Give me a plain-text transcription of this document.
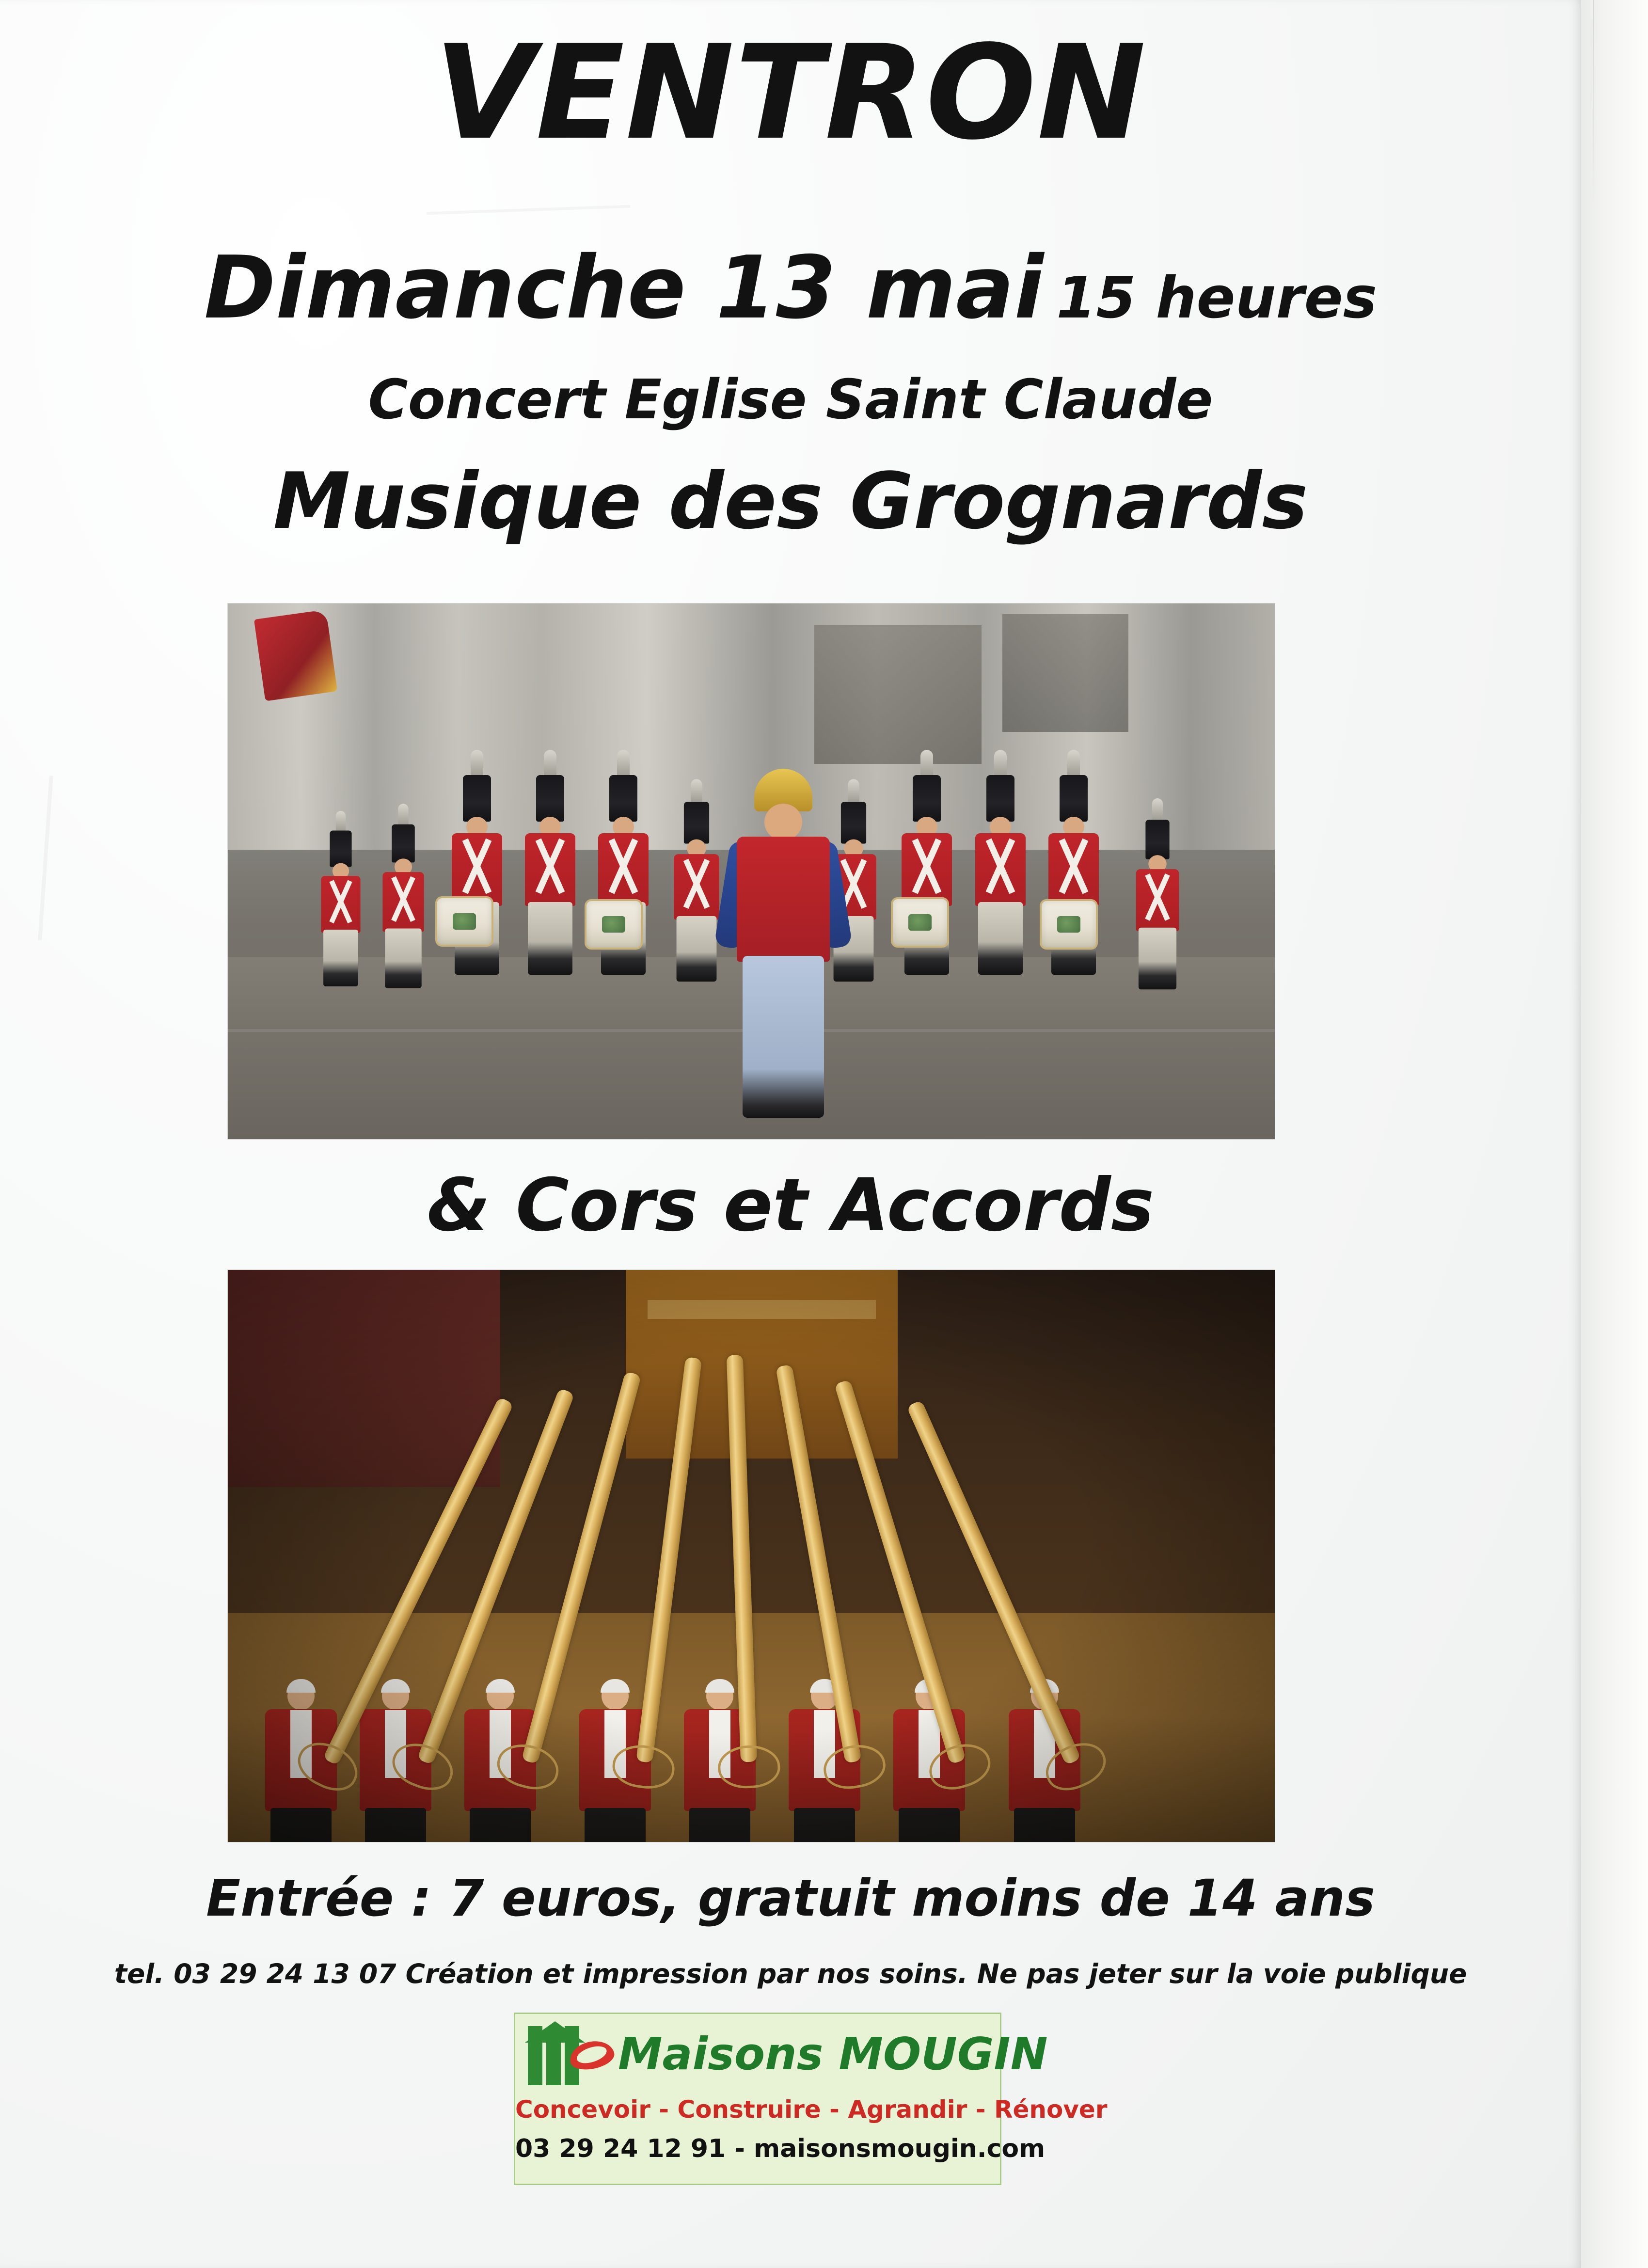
VENTRON
Dimanche 13 mai 15 heures
Concert Eglise Saint Claude
Musique des Grognards
& Cors et Accords
Entrée : 7 euros, gratuit moins de 14 ans
tel. 03 29 24 13 07 Création et impression par nos soins. Ne pas jeter sur la voie publique
Maisons MOUGIN
Concevoir - Construire - Agrandir - Rénover
03 29 24 12 91 - maisonsmougin.com
